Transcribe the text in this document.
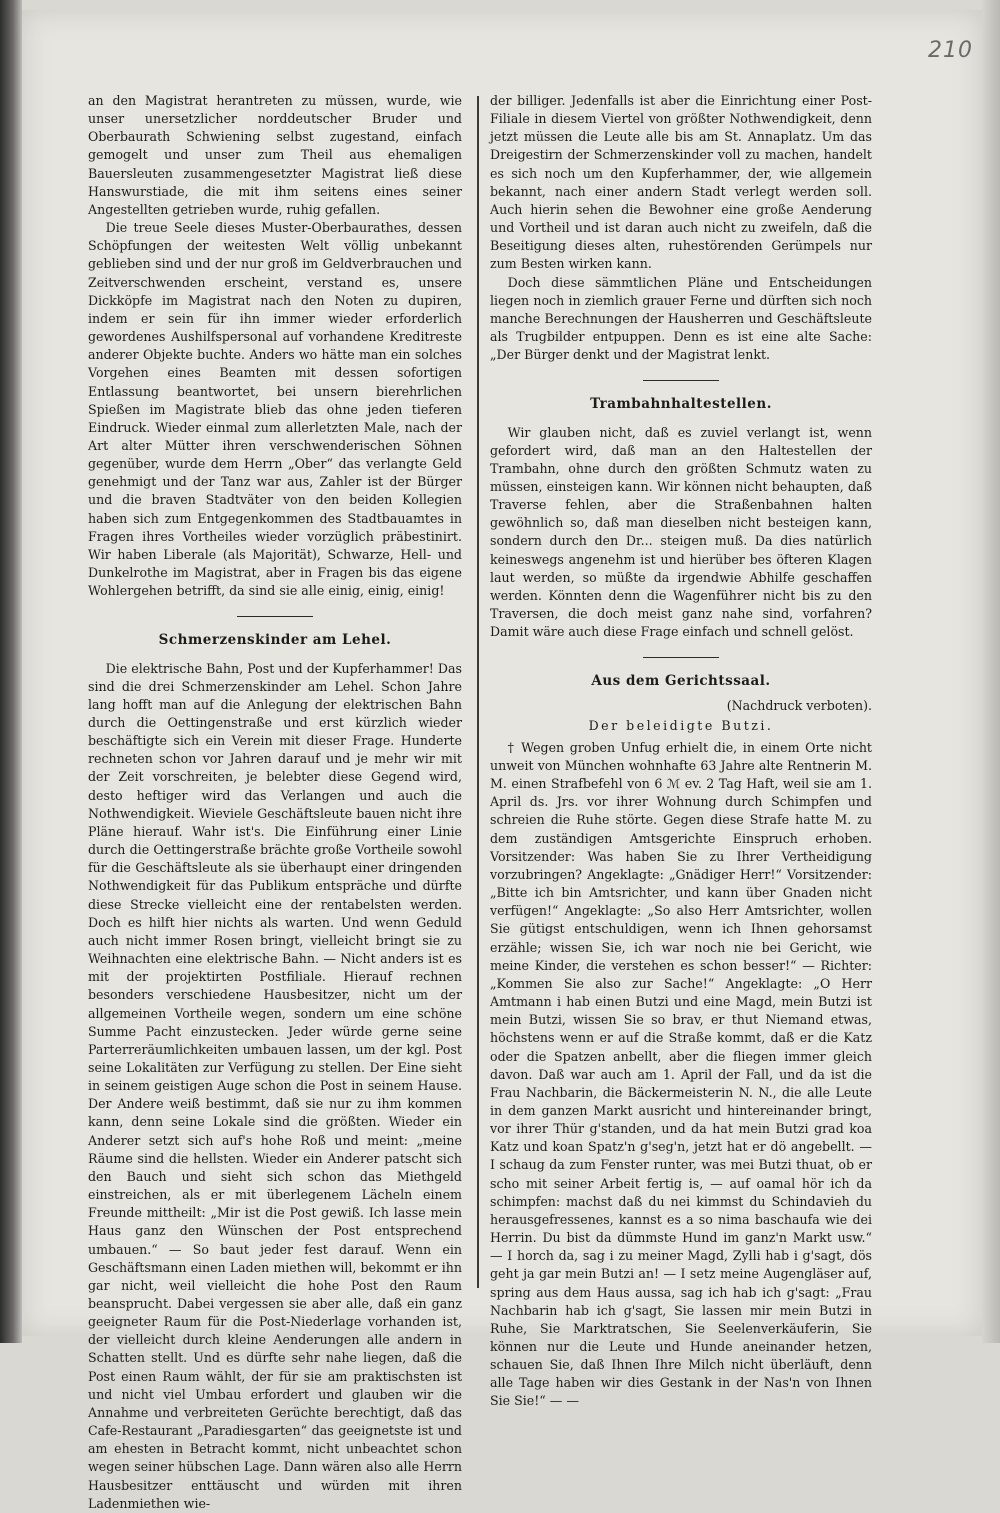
210

an den Magistrat herantreten zu müssen, wurde, wie unser unersetzlicher norddeutscher Bruder und Oberbaurath Schwiening selbst zugestand, einfach gemogelt und unser zum Theil aus ehemaligen Bauersleuten zusammengesetzter Magistrat ließ diese Hanswurstiade, die mit ihm seitens eines seiner Angestellten getrieben wurde, ruhig gefallen.

Die treue Seele dieses Muster-Oberbaurathes, dessen Schöpfungen der weitesten Welt völlig unbekannt geblieben sind und der nur groß im Geldverbrauchen und Zeitverschwenden erscheint, verstand es, unsere Dickköpfe im Magistrat nach den Noten zu dupiren, indem er sein für ihn immer wieder erforderlich gewordenes Aushilfspersonal auf vorhandene Kreditreste anderer Objekte buchte. Anders wo hätte man ein solches Vorgehen eines Beamten mit dessen sofortigen Entlassung beantwortet, bei unsern bierehrlichen Spießen im Magistrate blieb das ohne jeden tieferen Eindruck. Wieder einmal zum allerletzten Male, nach der Art alter Mütter ihren verschwenderischen Söhnen gegenüber, wurde dem Herrn „Ober“ das verlangte Geld genehmigt und der Tanz war aus, Zahler ist der Bürger und die braven Stadtväter von den beiden Kollegien haben sich zum Entgegenkommen des Stadtbauamtes in Fragen ihres Vortheiles wieder vorzüglich präbestinirt. Wir haben Liberale (als Majorität), Schwarze, Hell- und Dunkelrothe im Magistrat, aber in Fragen bis das eigene Wohlergehen betrifft, da sind sie alle einig, einig, einig!

Schmerzenskinder am Lehel.

Die elektrische Bahn, Post und der Kupferhammer! Das sind die drei Schmerzenskinder am Lehel. Schon Jahre lang hofft man auf die Anlegung der elektrischen Bahn durch die Oettingenstraße und erst kürzlich wieder beschäftigte sich ein Verein mit dieser Frage. Hunderte rechneten schon vor Jahren darauf und je mehr wir mit der Zeit vorschreiten, je belebter diese Gegend wird, desto heftiger wird das Verlangen und auch die Nothwendigkeit. Wieviele Geschäftsleute bauen nicht ihre Pläne hierauf. Wahr ist's. Die Einführung einer Linie durch die Oettingerstraße brächte große Vortheile sowohl für die Geschäftsleute als sie überhaupt einer dringenden Nothwendigkeit für das Publikum entspräche und dürfte diese Strecke vielleicht eine der rentabelsten werden. Doch es hilft hier nichts als warten. Und wenn Geduld auch nicht immer Rosen bringt, vielleicht bringt sie zu Weihnachten eine elektrische Bahn. — Nicht anders ist es mit der projektirten Postfiliale. Hierauf rechnen besonders verschiedene Hausbesitzer, nicht um der allgemeinen Vortheile wegen, sondern um eine schöne Summe Pacht einzustecken. Jeder würde gerne seine Parterreräumlichkeiten umbauen lassen, um der kgl. Post seine Lokalitäten zur Verfügung zu stellen. Der Eine sieht in seinem geistigen Auge schon die Post in seinem Hause. Der Andere weiß bestimmt, daß sie nur zu ihm kommen kann, denn seine Lokale sind die größten. Wieder ein Anderer setzt sich auf's hohe Roß und meint: „meine Räume sind die hellsten. Wieder ein Anderer patscht sich den Bauch und sieht sich schon das Miethgeld einstreichen, als er mit überlegenem Lächeln einem Freunde mittheilt: „Mir ist die Post gewiß. Ich lasse mein Haus ganz den Wünschen der Post entsprechend umbauen.“ — So baut jeder fest darauf. Wenn ein Geschäftsmann einen Laden miethen will, bekommt er ihn gar nicht, weil vielleicht die hohe Post den Raum beansprucht. Dabei vergessen sie aber alle, daß ein ganz geeigneter Raum für die Post-Niederlage vorhanden ist, der vielleicht durch kleine Aenderungen alle andern in Schatten stellt. Und es dürfte sehr nahe liegen, daß die Post einen Raum wählt, der für sie am praktischsten ist und nicht viel Umbau erfordert und glauben wir die Annahme und verbreiteten Gerüchte berechtigt, daß das Cafe-Restaurant „Paradiesgarten“ das geeignetste ist und am ehesten in Betracht kommt, nicht unbeachtet schon wegen seiner hübschen Lage. Dann wären also alle Herrn Hausbesitzer enttäuscht und würden mit ihren Ladenmiethen wie-

der billiger. Jedenfalls ist aber die Einrichtung einer Post-Filiale in diesem Viertel von größter Nothwendigkeit, denn jetzt müssen die Leute alle bis am St. Annaplatz. Um das Dreigestirn der Schmerzenskinder voll zu machen, handelt es sich noch um den Kupferhammer, der, wie allgemein bekannt, nach einer andern Stadt verlegt werden soll. Auch hierin sehen die Bewohner eine große Aenderung und Vortheil und ist daran auch nicht zu zweifeln, daß die Beseitigung dieses alten, ruhestörenden Gerümpels nur zum Besten wirken kann.

Doch diese sämmtlichen Pläne und Entscheidungen liegen noch in ziemlich grauer Ferne und dürften sich noch manche Berechnungen der Hausherren und Geschäftsleute als Trugbilder entpuppen. Denn es ist eine alte Sache: „Der Bürger denkt und der Magistrat lenkt.

Trambahnhaltestellen.

Wir glauben nicht, daß es zuviel verlangt ist, wenn gefordert wird, daß man an den Haltestellen der Trambahn, ohne durch den größten Schmutz waten zu müssen, einsteigen kann. Wir können nicht behaupten, daß Traverse fehlen, aber die Straßenbahnen halten gewöhnlich so, daß man dieselben nicht besteigen kann, sondern durch den Dr... steigen muß. Da dies natürlich keineswegs angenehm ist und hierüber bes öfteren Klagen laut werden, so müßte da irgendwie Abhilfe geschaffen werden. Könnten denn die Wagenführer nicht bis zu den Traversen, die doch meist ganz nahe sind, vorfahren? Damit wäre auch diese Frage einfach und schnell gelöst.

Aus dem Gerichtssaal.
(Nachdruck verboten).
Der beleidigte Butzi.

† Wegen groben Unfug erhielt die, in einem Orte nicht unweit von München wohnhafte 63 Jahre alte Rentnerin M. M. einen Strafbefehl von 6 ℳ ev. 2 Tag Haft, weil sie am 1. April ds. Jrs. vor ihrer Wohnung durch Schimpfen und schreien die Ruhe störte. Gegen diese Strafe hatte M. zu dem zuständigen Amtsgerichte Einspruch erhoben. Vorsitzender: Was haben Sie zu Ihrer Vertheidigung vorzubringen? Angeklagte: „Gnädiger Herr!“ Vorsitzender: „Bitte ich bin Amtsrichter, und kann über Gnaden nicht verfügen!“ Angeklagte: „So also Herr Amtsrichter, wollen Sie gütigst entschuldigen, wenn ich Ihnen gehorsamst erzähle; wissen Sie, ich war noch nie bei Gericht, wie meine Kinder, die verstehen es schon besser!“ — Richter: „Kommen Sie also zur Sache!“ Angeklagte: „O Herr Amtmann i hab einen Butzi und eine Magd, mein Butzi ist mein Butzi, wissen Sie so brav, er thut Niemand etwas, höchstens wenn er auf die Straße kommt, daß er die Katz oder die Spatzen anbellt, aber die fliegen immer gleich davon. Daß war auch am 1. April der Fall, und da ist die Frau Nachbarin, die Bäckermeisterin N. N., die alle Leute in dem ganzen Markt ausricht und hintereinander bringt, vor ihrer Thür g'standen, und da hat mein Butzi grad koa Katz und koan Spatz'n g'seg'n, jetzt hat er dö angebellt. — I schaug da zum Fenster runter, was mei Butzi thuat, ob er scho mit seiner Arbeit fertig is, — auf oamal hör ich da schimpfen: machst daß du nei kimmst du Schindavieh du herausgefressenes, kannst es a so nima baschaufa wie dei Herrin. Du bist da dümmste Hund im ganz'n Markt usw.“ — I horch da, sag i zu meiner Magd, Zylli hab i g'sagt, dös geht ja gar mein Butzi an! — I setz meine Augengläser auf, spring aus dem Haus aussa, sag ich hab ich g'sagt: „Frau Nachbarin hab ich g'sagt, Sie lassen mir mein Butzi in Ruhe, Sie Marktratschen, Sie Seelenverkäuferin, Sie können nur die Leute und Hunde aneinander hetzen, schauen Sie, daß Ihnen Ihre Milch nicht überläuft, denn alle Tage haben wir dies Gestank in der Nas'n von Ihnen Sie Sie!“ — —
